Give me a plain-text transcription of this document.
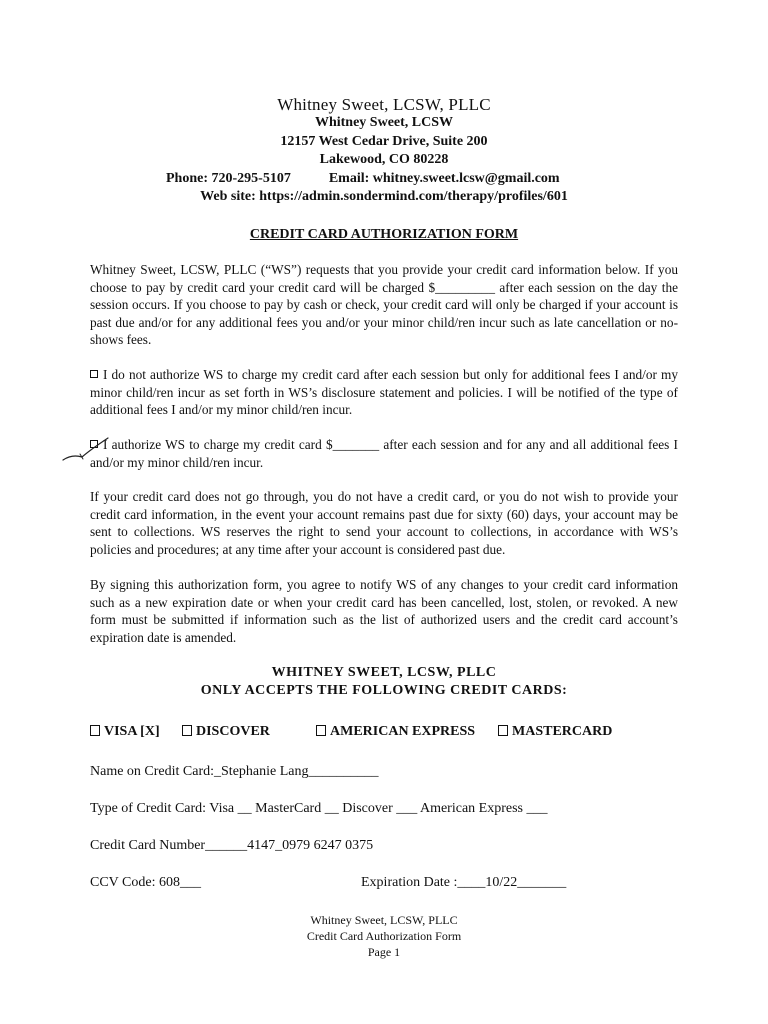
Whitney Sweet, LCSW, PLLC
Whitney Sweet, LCSW
12157 West Cedar Drive, Suite 200
Lakewood, CO 80228
Phone: 720-295-5107	Email: whitney.sweet.lcsw@gmail.com
Web site: https://admin.sondermind.com/therapy/profiles/601
CREDIT CARD AUTHORIZATION FORM

Whitney Sweet, LCSW, PLLC (“WS”) requests that you provide your credit card information below. If you choose to pay by credit card your credit card will be charged $_________ after each session on the day the session occurs. If you choose to pay by cash or check, your credit card will only be charged if your account is past due and/or for any additional fees you and/or your minor child/ren incur such as late cancellation or no-shows fees.

I do not authorize WS to charge my credit card after each session but only for additional fees I and/or my minor child/ren incur as set forth in WS’s disclosure statement and policies. I will be notified of the type of additional fees I and/or my minor child/ren incur.

I authorize WS to charge my credit card $_______ after each session and for any and all additional fees I and/or my minor child/ren incur.

If your credit card does not go through, you do not have a credit card, or you do not wish to provide your credit card information, in the event your account remains past due for sixty (60) days, your account may be sent to collections. WS reserves the right to send your account to collections, in accordance with WS’s policies and procedures; at any time after your account is considered past due.

By signing this authorization form, you agree to notify WS of any changes to your credit card information such as a new expiration date or when your credit card has been cancelled, lost, stolen, or revoked. A new form must be submitted if information such as the list of authorized users and the credit card account’s expiration date is amended.

WHITNEY SWEET, LCSW, PLLC
ONLY ACCEPTS THE FOLLOWING CREDIT CARDS:
VISA [X]	DISCOVER	AMERICAN EXPRESS	MASTERCARD
Name on Credit Card:_Stephanie Lang__________
Type of Credit Card: Visa __ MasterCard __ Discover ___ American Express ___
Credit Card Number______4147_0979 6247 0375
CCV Code: 608___	Expiration Date :____10/22_______
Whitney Sweet, LCSW, PLLC
Credit Card Authorization Form
Page 1
